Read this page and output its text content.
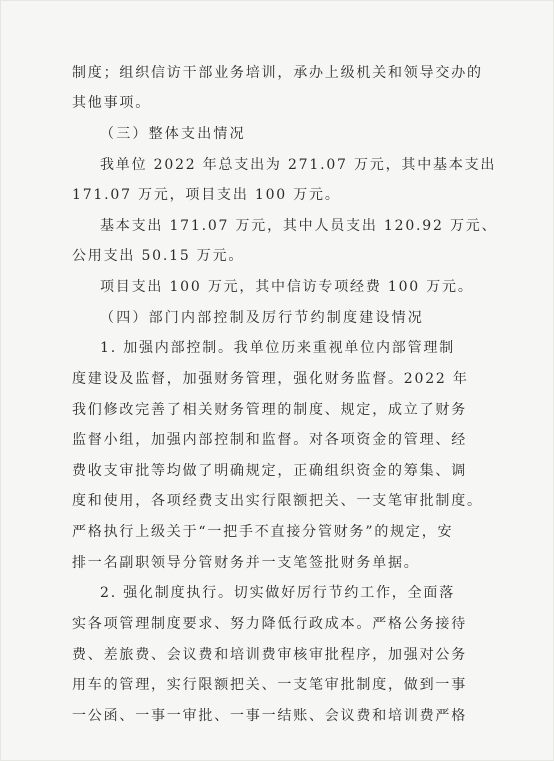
制度；组织信访干部业务培训，承办上级机关和领导交办的
其他事项。
（三）整体支出情况
我单位 2022 年总支出为 271.07 万元，其中基本支出
171.07 万元，项目支出 100 万元。
基本支出 171.07 万元，其中人员支出 120.92 万元、
公用支出 50.15 万元。
项目支出 100 万元，其中信访专项经费 100 万元。
（四）部门内部控制及厉行节约制度建设情况
1. 加强内部控制。我单位历来重视单位内部管理制
度建设及监督，加强财务管理，强化财务监督。2022 年
我们修改完善了相关财务管理的制度、规定，成立了财务
监督小组，加强内部控制和监督。对各项资金的管理、经
费收支审批等均做了明确规定，正确组织资金的筹集、调
度和使用，各项经费支出实行限额把关、一支笔审批制度。
严格执行上级关于“一把手不直接分管财务”的规定，安
排一名副职领导分管财务并一支笔签批财务单据。
2. 强化制度执行。切实做好厉行节约工作，全面落
实各项管理制度要求、努力降低行政成本。严格公务接待
费、差旅费、会议费和培训费审核审批程序，加强对公务
用车的管理，实行限额把关、一支笔审批制度，做到一事
一公函、一事一审批、一事一结账、会议费和培训费严格
